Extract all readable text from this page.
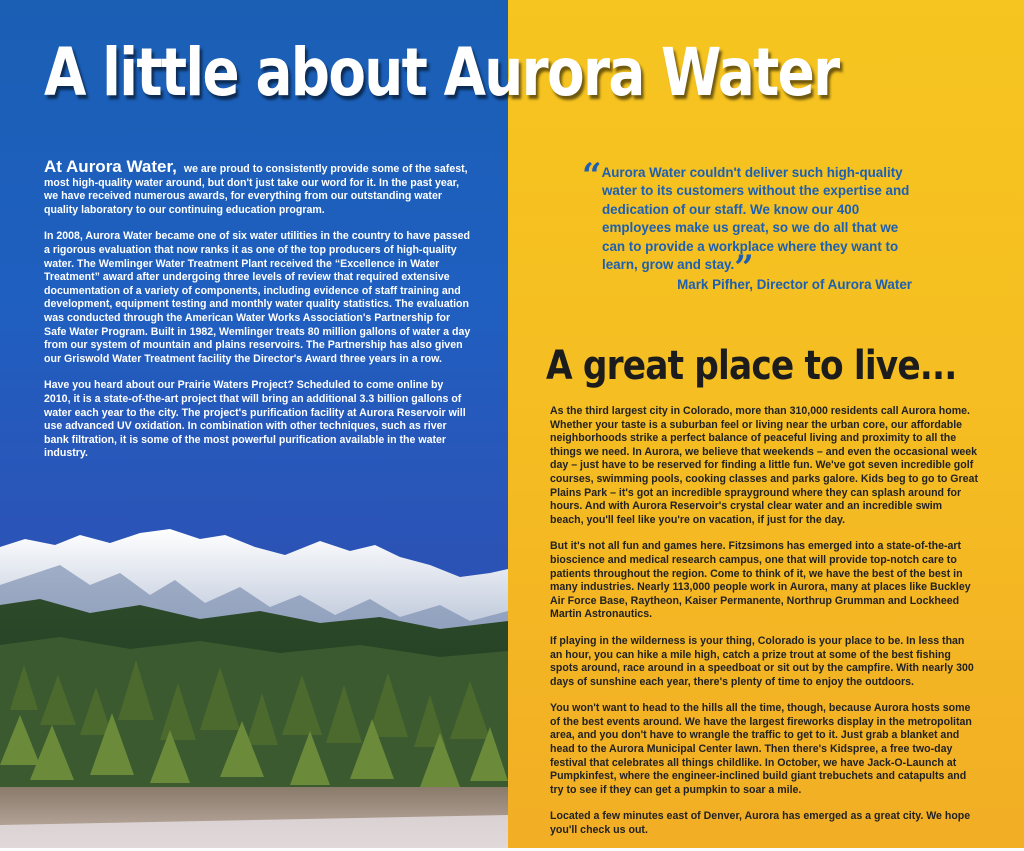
A little about Aurora Water

At Aurora Water, we are proud to consistently provide some of the safest, most high-quality water around, but don't just take our word for it. In the past year, we have received numerous awards, for everything from our outstanding water quality laboratory to our continuing education program.

In 2008, Aurora Water became one of six water utilities in the country to have passed a rigorous evaluation that now ranks it as one of the top producers of high-quality water. The Wemlinger Water Treatment Plant received the “Excellence in Water Treatment” award after undergoing three levels of review that required extensive documentation of a variety of components, including evidence of staff training and development, equipment testing and monthly water quality statistics. The evaluation was conducted through the American Water Works Association's Partnership for Safe Water Program. Built in 1982, Wemlinger treats 80 million gallons of water a day from our system of mountain and plains reservoirs. The Partnership has also given our Griswold Water Treatment facility the Director's Award three years in a row.

Have you heard about our Prairie Waters Project? Scheduled to come online by 2010, it is a state-of-the-art project that will bring an additional 3.3 billion gallons of water each year to the city. The project's purification facility at Aurora Reservoir will use advanced UV oxidation. In combination with other techniques, such as river bank filtration, it is some of the most powerful purification available in the water industry.

“Aurora Water couldn't deliver such high-quality water to its customers without the expertise and dedication of our staff. We know our 400 employees make us great, so we do all that we can to provide a workplace where they want to learn, grow and stay.”
Mark Pifher, Director of Aurora Water
A great place to live...

As the third largest city in Colorado, more than 310,000 residents call Aurora home. Whether your taste is a suburban feel or living near the urban core, our affordable neighborhoods strike a perfect balance of peaceful living and proximity to all the things we need. In Aurora, we believe that weekends – and even the occasional week day – just have to be reserved for finding a little fun. We've got seven incredible golf courses, swimming pools, cooking classes and parks galore. Kids beg to go to Great Plains Park – it's got an incredible sprayground where they can splash around for hours. And with Aurora Reservoir's crystal clear water and an incredible swim beach, you'll feel like you're on vacation, if just for the day.

But it's not all fun and games here. Fitzsimons has emerged into a state-of-the-art bioscience and medical research campus, one that will provide top-notch care to patients throughout the region. Come to think of it, we have the best of the best in many industries. Nearly 113,000 people work in Aurora, many at places like Buckley Air Force Base, Raytheon, Kaiser Permanente, Northrup Grumman and Lockheed Martin Astronautics.

If playing in the wilderness is your thing, Colorado is your place to be. In less than an hour, you can hike a mile high, catch a prize trout at some of the best fishing spots around, race around in a speedboat or sit out by the campfire. With nearly 300 days of sunshine each year, there's plenty of time to enjoy the outdoors.

You won't want to head to the hills all the time, though, because Aurora hosts some of the best events around. We have the largest fireworks display in the metropolitan area, and you don't have to wrangle the traffic to get to it. Just grab a blanket and head to the Aurora Municipal Center lawn. Then there's Kidspree, a free two-day festival that celebrates all things childlike. In October, we have Jack-O-Launch at Pumpkinfest, where the engineer-inclined build giant trebuchets and catapults and try to see if they can get a pumpkin to soar a mile.

Located a few minutes east of Denver, Aurora has emerged as a great city. We hope you'll check us out.
